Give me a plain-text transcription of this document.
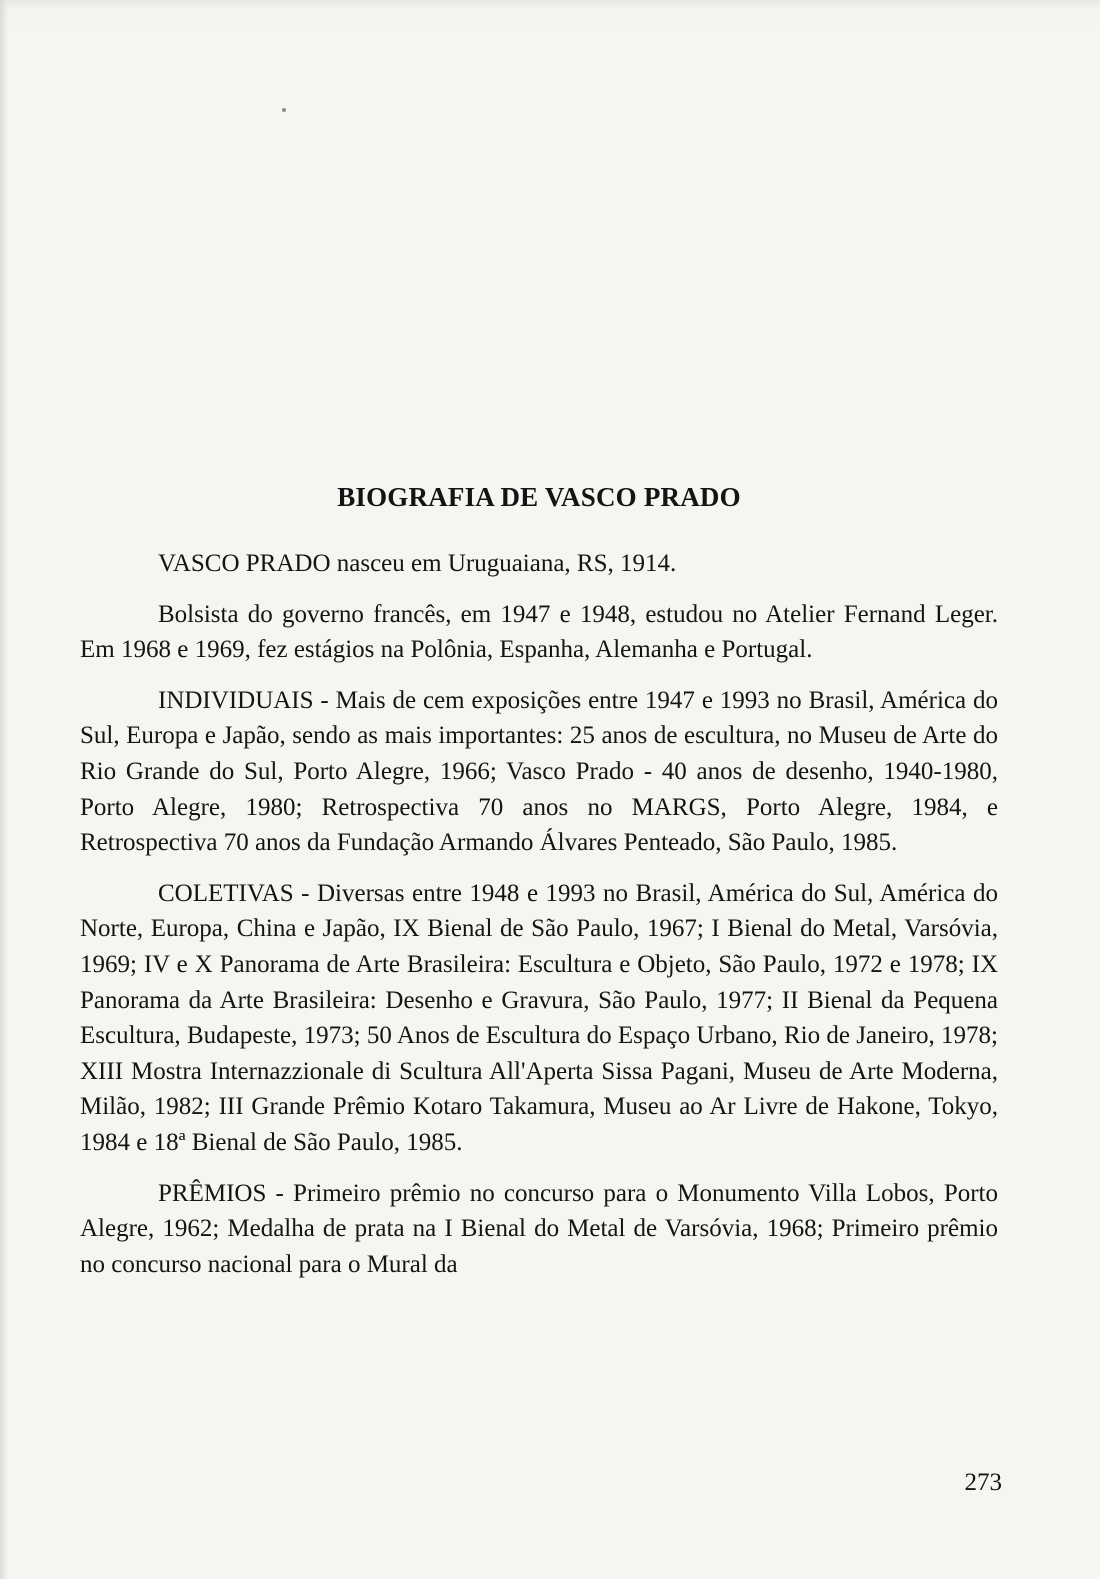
BIOGRAFIA DE VASCO PRADO

VASCO PRADO nasceu em Uruguaiana, RS, 1914.

Bolsista do governo francês, em 1947 e 1948, estudou no Atelier Fernand Leger. Em 1968 e 1969, fez estágios na Polônia, Espanha, Alemanha e Portugal.

INDIVIDUAIS - Mais de cem exposições entre 1947 e 1993 no Brasil, América do Sul, Europa e Japão, sendo as mais importantes: 25 anos de escultura, no Museu de Arte do Rio Grande do Sul, Porto Alegre, 1966; Vasco Prado - 40 anos de desenho, 1940-1980, Porto Alegre, 1980; Retrospectiva 70 anos no MARGS, Porto Alegre, 1984, e Retrospectiva 70 anos da Fundação Armando Álvares Penteado, São Paulo, 1985.

COLETIVAS - Diversas entre 1948 e 1993 no Brasil, América do Sul, América do Norte, Europa, China e Japão, IX Bienal de São Paulo, 1967; I Bienal do Metal, Varsóvia, 1969; IV e X Panorama de Arte Brasileira: Escultura e Objeto, São Paulo, 1972 e 1978; IX Panorama da Arte Brasileira: Desenho e Gravura, São Paulo, 1977; II Bienal da Pequena Escultura, Budapeste, 1973; 50 Anos de Escultura do Espaço Urbano, Rio de Janeiro, 1978; XIII Mostra Internazzionale di Scultura All'Aperta Sissa Pagani, Museu de Arte Moderna, Milão, 1982; III Grande Prêmio Kotaro Takamura, Museu ao Ar Livre de Hakone, Tokyo, 1984 e 18ª Bienal de São Paulo, 1985.

PRÊMIOS - Primeiro prêmio no concurso para o Monumento Villa Lobos, Porto Alegre, 1962; Medalha de prata na I Bienal do Metal de Varsóvia, 1968; Primeiro prêmio no concurso nacional para o Mural da

273
